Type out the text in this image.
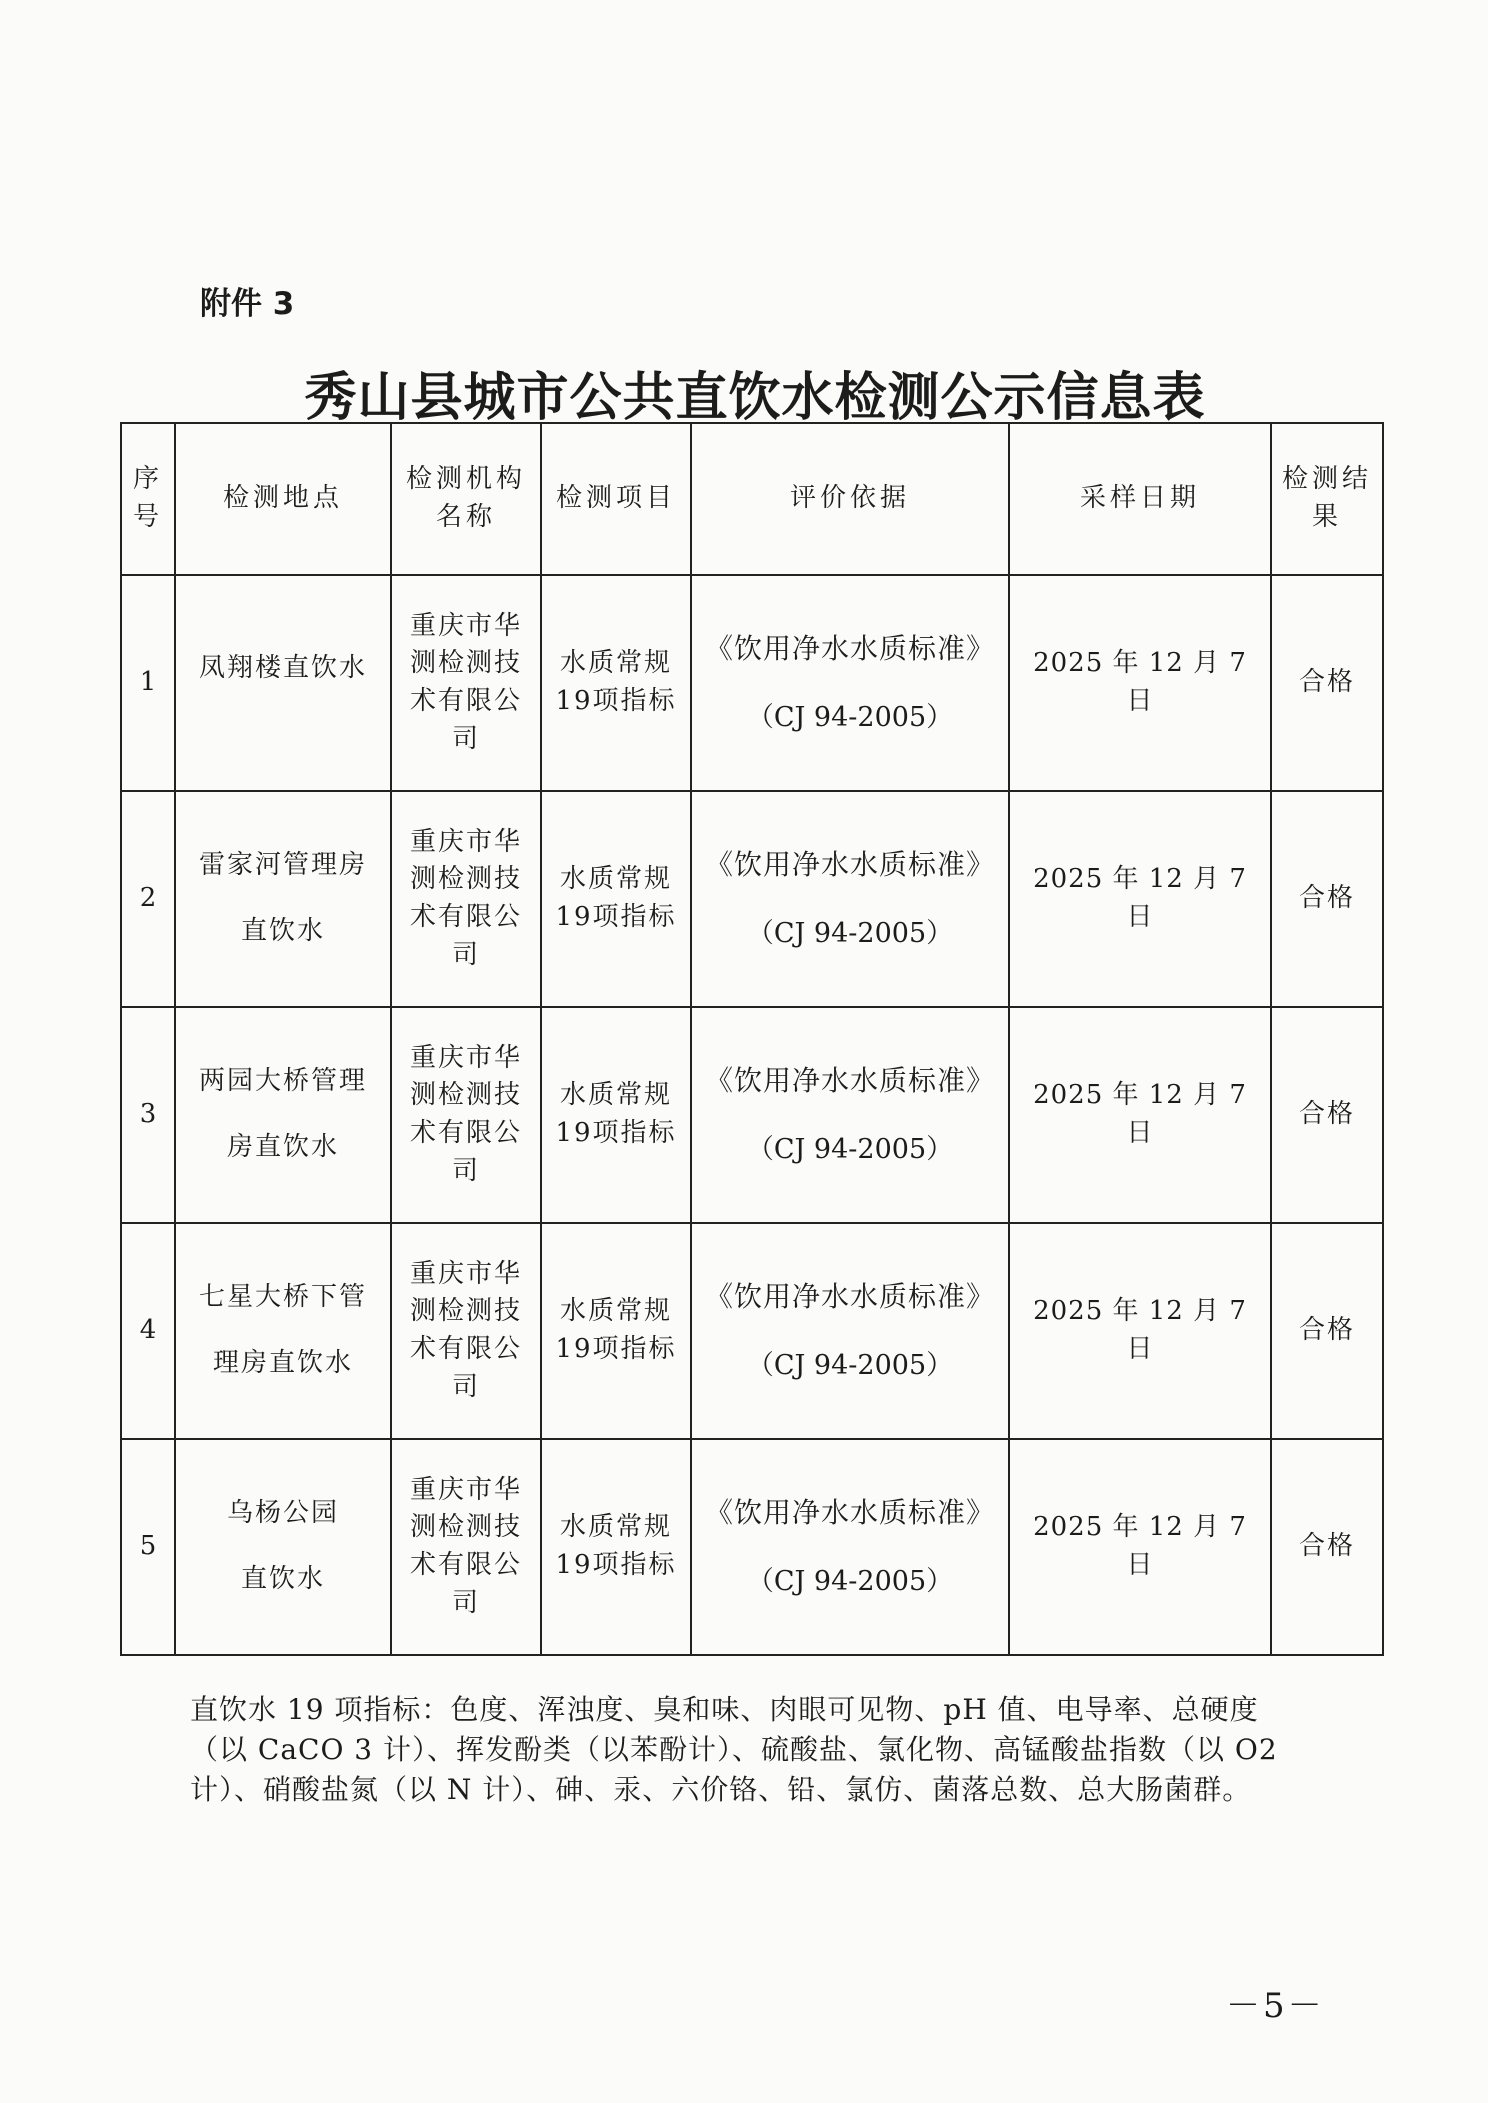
附件 3
秀山县城市公共直饮水检测公示信息表
序号	检测地点	检测机构名称	检测项目	评价依据	采样日期	检测结果
1	凤翔楼直饮水	重庆市华测检测技术有限公司	水质常规19项指标	《饮用净水水质标准》
（CJ 94-2005）	2025 年 12 月 7 日	合格
2	雷家河管理房
直饮水	重庆市华测检测技术有限公司	水质常规19项指标	《饮用净水水质标准》
（CJ 94-2005）	2025 年 12 月 7 日	合格
3	两园大桥管理
房直饮水	重庆市华测检测技术有限公司	水质常规19项指标	《饮用净水水质标准》
（CJ 94-2005）	2025 年 12 月 7 日	合格
4	七星大桥下管
理房直饮水	重庆市华测检测技术有限公司	水质常规19项指标	《饮用净水水质标准》
（CJ 94-2005）	2025 年 12 月 7 日	合格
5	乌杨公园
直饮水	重庆市华测检测技术有限公司	水质常规19项指标	《饮用净水水质标准》
（CJ 94-2005）	2025 年 12 月 7 日	合格
直饮水 19 项指标：色度、浑浊度、臭和味、肉眼可见物、pH 值、电导率、总硬度（以 CaCO 3 计）、挥发酚类（以苯酚计）、硫酸盐、氯化物、高锰酸盐指数（以 O2 计）、硝酸盐氮（以 N 计）、砷、汞、六价铬、铅、氯仿、菌落总数、总大肠菌群。
－5－
